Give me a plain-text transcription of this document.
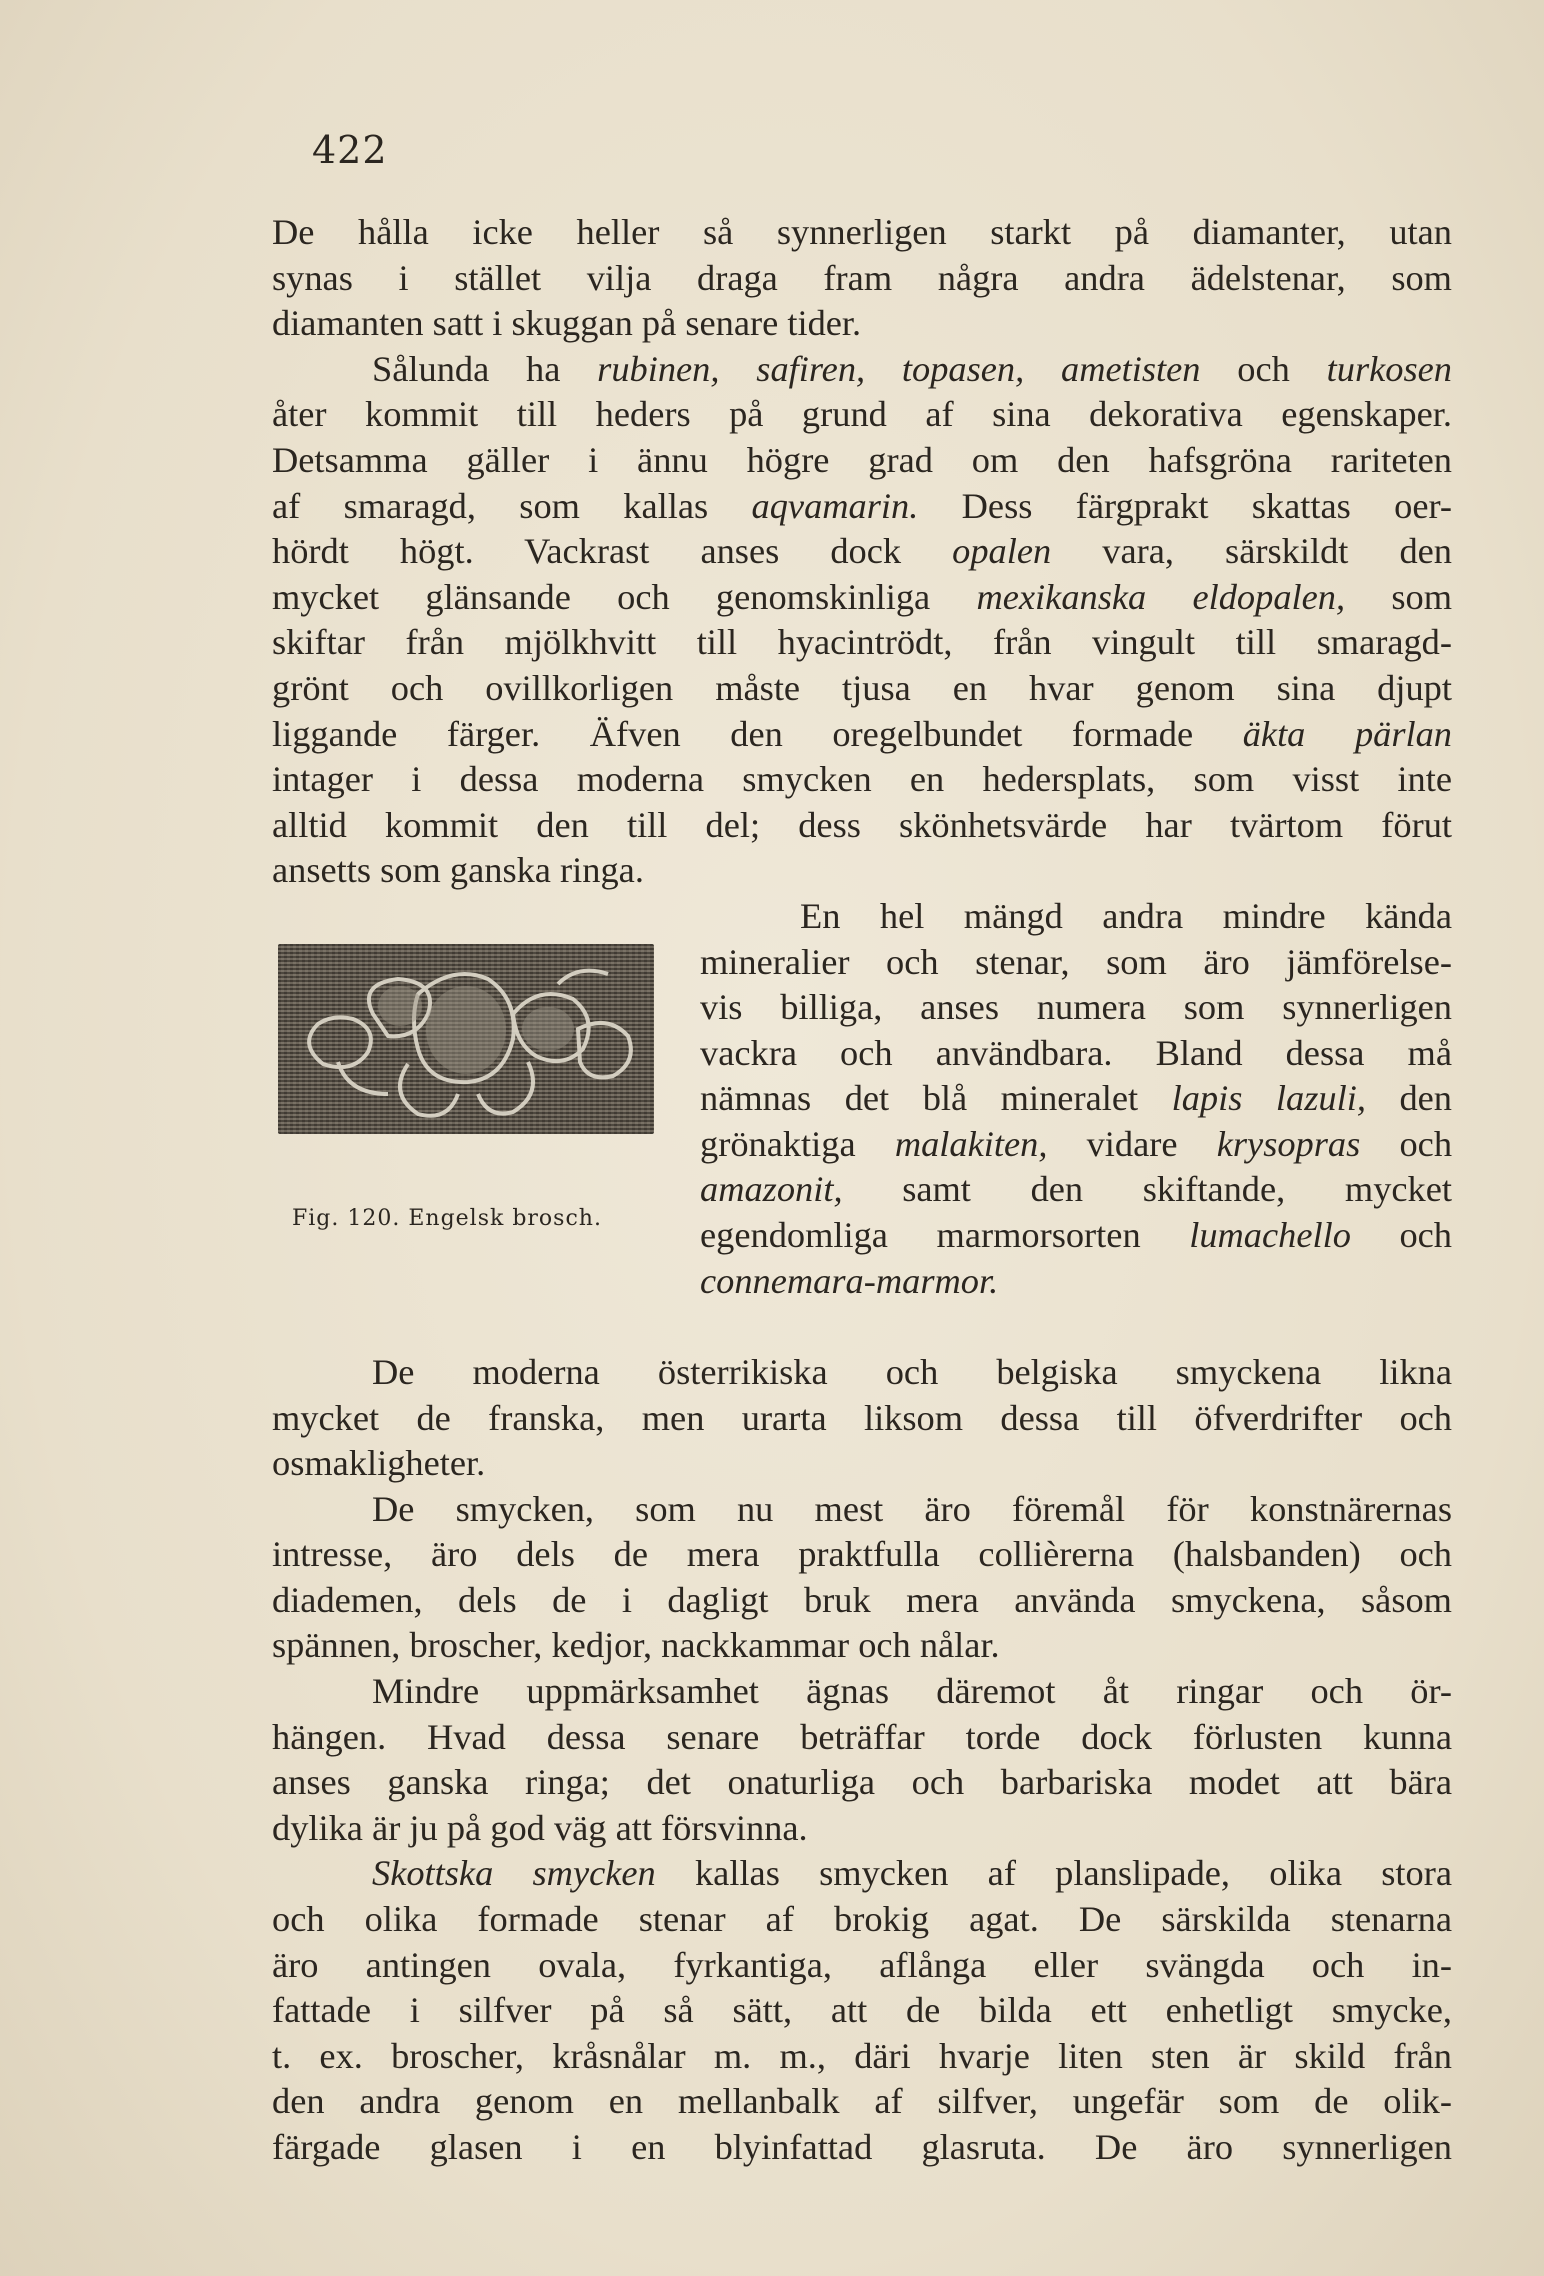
422

De hålla icke heller så synnerligen starkt på diamanter, utan
synas i stället vilja draga fram några andra ädelstenar, som
diamanten satt i skuggan på senare tider.

Sålunda ha rubinen, safiren, topasen, ametisten och turkosen
åter kommit till heders på grund af sina dekorativa egenskaper.
Detsamma gäller i ännu högre grad om den hafsgröna rariteten
af smaragd, som kallas aqvamarin. Dess färgprakt skattas oer-
hördt högt. Vackrast anses dock opalen vara, särskildt den
mycket glänsande och genomskinliga mexikanska eldopalen, som
skiftar från mjölkhvitt till hyacintrödt, från vingult till smaragd-
grönt och ovillkorligen måste tjusa en hvar genom sina djupt
liggande färger. Äfven den oregelbundet formade äkta pärlan
intager i dessa moderna smycken en hedersplats, som visst inte
alltid kommit den till del; dess skönhetsvärde har tvärtom förut
ansetts som ganska ringa.

Fig. 120. Engelsk brosch.
En hel mängd andra mindre kända
mineralier och stenar, som äro jämförelse-
vis billiga, anses numera som synnerligen
vackra och användbara. Bland dessa må
nämnas det blå mineralet lapis lazuli, den
grönaktiga malakiten, vidare krysopras och
amazonit, samt den skiftande, mycket
egendomliga marmorsorten lumachello och
connemara-marmor.

De moderna österrikiska och belgiska smyckena likna
mycket de franska, men urarta liksom dessa till öfverdrifter och
osmakligheter.

De smycken, som nu mest äro föremål för konstnärernas
intresse, äro dels de mera praktfulla collièrerna (halsbanden) och
diademen, dels de i dagligt bruk mera använda smyckena, såsom
spännen, broscher, kedjor, nackkammar och nålar.

Mindre uppmärksamhet ägnas däremot åt ringar och ör-
hängen. Hvad dessa senare beträffar torde dock förlusten kunna
anses ganska ringa; det onaturliga och barbariska modet att bära
dylika är ju på god väg att försvinna.

Skottska smycken kallas smycken af planslipade, olika stora
och olika formade stenar af brokig agat. De särskilda stenarna
äro antingen ovala, fyrkantiga, aflånga eller svängda och in-
fattade i silfver på så sätt, att de bilda ett enhetligt smycke,
t. ex. broscher, kråsnålar m. m., däri hvarje liten sten är skild från
den andra genom en mellanbalk af silfver, ungefär som de olik-
färgade glasen i en blyinfattad glasruta. De äro synnerligen
